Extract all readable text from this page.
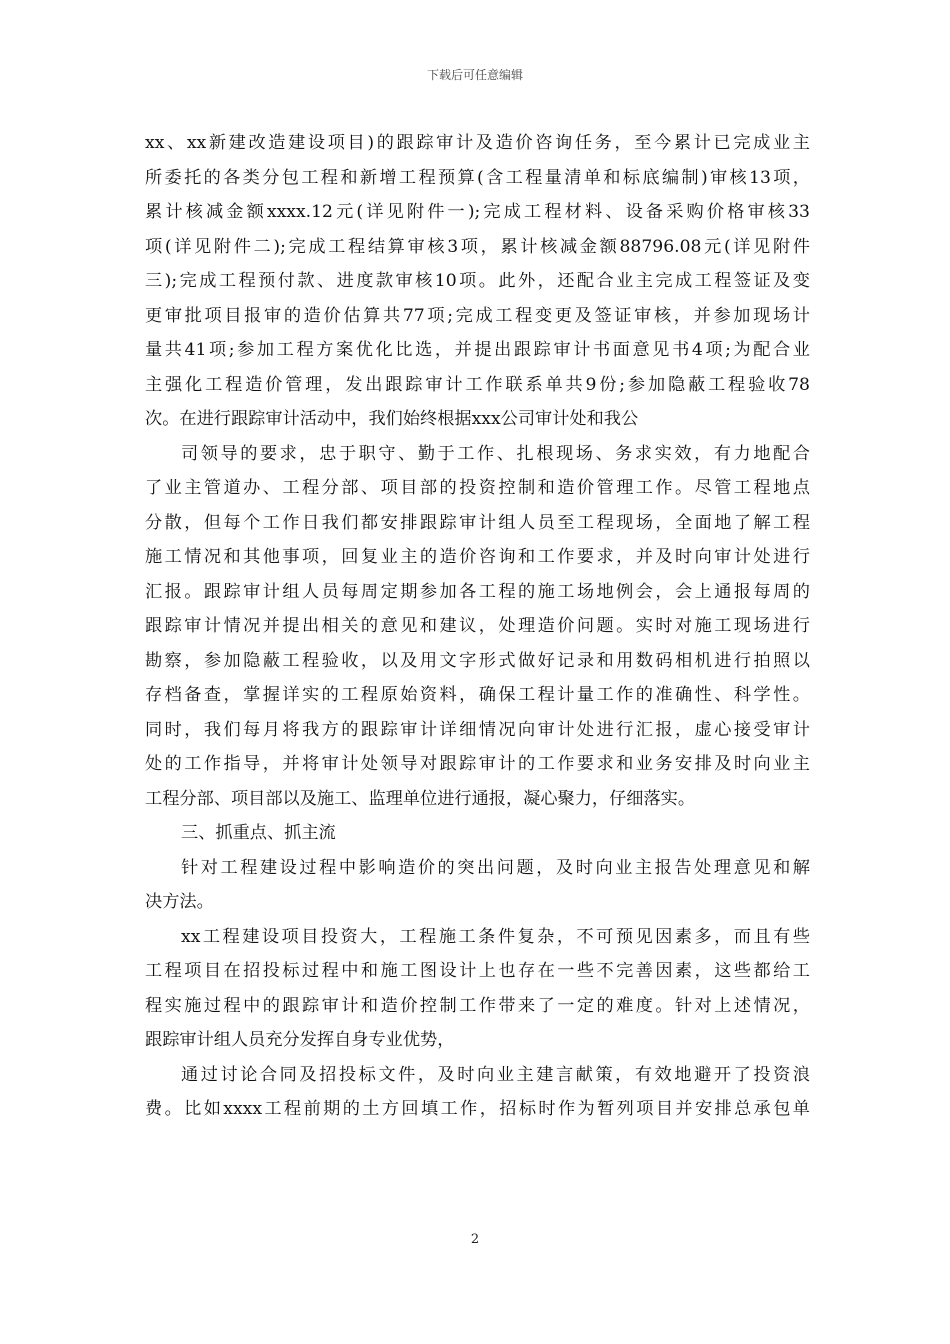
下载后可任意编辑
xx、xx新建改造建设项目)的跟踪审计及造价咨询任务，至今累计已完成业主
所委托的各类分包工程和新增工程预算(含工程量清单和标底编制)审核13项，
累计核减金额xxxx.12元(详见附件一);完成工程材料、设备采购价格审核33
项(详见附件二);完成工程结算审核3项，累计核减金额88796.08元(详见附件
三);完成工程预付款、进度款审核10项。此外，还配合业主完成工程签证及变
更审批项目报审的造价估算共77项;完成工程变更及签证审核，并参加现场计
量共41项;参加工程方案优化比选，并提出跟踪审计书面意见书4项;为配合业
主强化工程造价管理，发出跟踪审计工作联系单共9份;参加隐蔽工程验收78
次。在进行跟踪审计活动中，我们始终根据xxx公司审计处和我公
司领导的要求，忠于职守、勤于工作、扎根现场、务求实效，有力地配合
了业主管道办、工程分部、项目部的投资控制和造价管理工作。尽管工程地点
分散，但每个工作日我们都安排跟踪审计组人员至工程现场，全面地了解工程
施工情况和其他事项，回复业主的造价咨询和工作要求，并及时向审计处进行
汇报。跟踪审计组人员每周定期参加各工程的施工场地例会，会上通报每周的
跟踪审计情况并提出相关的意见和建议，处理造价问题。实时对施工现场进行
勘察，参加隐蔽工程验收，以及用文字形式做好记录和用数码相机进行拍照以
存档备查，掌握详实的工程原始资料，确保工程计量工作的准确性、科学性。
同时，我们每月将我方的跟踪审计详细情况向审计处进行汇报，虚心接受审计
处的工作指导，并将审计处领导对跟踪审计的工作要求和业务安排及时向业主
工程分部、项目部以及施工、监理单位进行通报，凝心聚力，仔细落实。
三、抓重点、抓主流
针对工程建设过程中影响造价的突出问题，及时向业主报告处理意见和解
决方法。
xx工程建设项目投资大，工程施工条件复杂，不可预见因素多，而且有些
工程项目在招投标过程中和施工图设计上也存在一些不完善因素，这些都给工
程实施过程中的跟踪审计和造价控制工作带来了一定的难度。针对上述情况，
跟踪审计组人员充分发挥自身专业优势，
通过讨论合同及招投标文件，及时向业主建言献策，有效地避开了投资浪
费。比如xxxx工程前期的土方回填工作，招标时作为暂列项目并安排总承包单
2
